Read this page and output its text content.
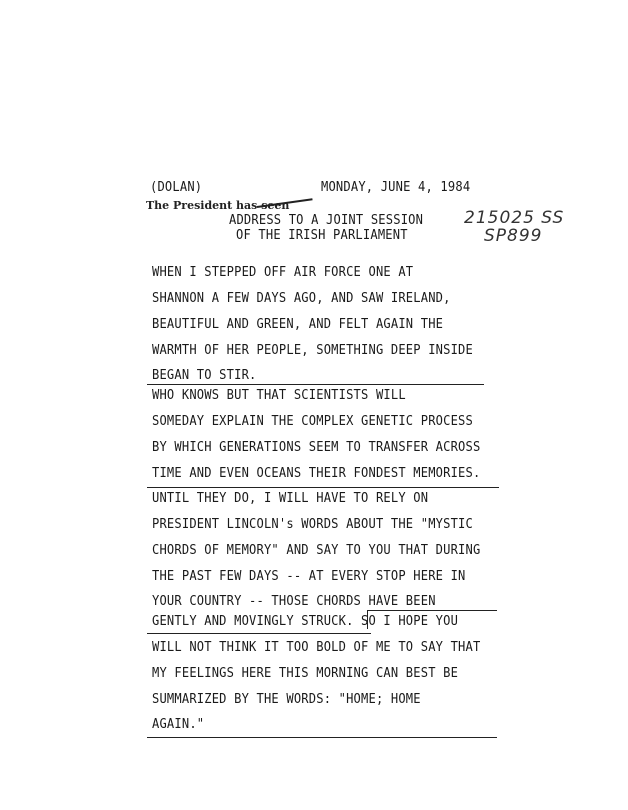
(DOLAN)	MONDAY, JUNE 4, 1984
The President has seen
ADDRESS TO A JOINT SESSION
OF THE IRISH PARLIAMENT
215025 SS
SP899
WHEN I STEPPED OFF AIR FORCE ONE AT
SHANNON A FEW DAYS AGO, AND SAW IRELAND,
BEAUTIFUL AND GREEN, AND FELT AGAIN THE
WARMTH OF HER PEOPLE, SOMETHING DEEP INSIDE
BEGAN TO STIR.
WHO KNOWS BUT THAT SCIENTISTS WILL
SOMEDAY EXPLAIN THE COMPLEX GENETIC PROCESS
BY WHICH GENERATIONS SEEM TO TRANSFER ACROSS
TIME AND EVEN OCEANS THEIR FONDEST MEMORIES.
UNTIL THEY DO, I WILL HAVE TO RELY ON
PRESIDENT LINCOLN's WORDS ABOUT THE "MYSTIC
CHORDS OF MEMORY" AND SAY TO YOU THAT DURING
THE PAST FEW DAYS -- AT EVERY STOP HERE IN
YOUR COUNTRY -- THOSE CHORDS HAVE BEEN
GENTLY AND MOVINGLY STRUCK. SO I HOPE YOU
WILL NOT THINK IT TOO BOLD OF ME TO SAY THAT
MY FEELINGS HERE THIS MORNING CAN BEST BE
SUMMARIZED BY THE WORDS: "HOME; HOME
AGAIN."
